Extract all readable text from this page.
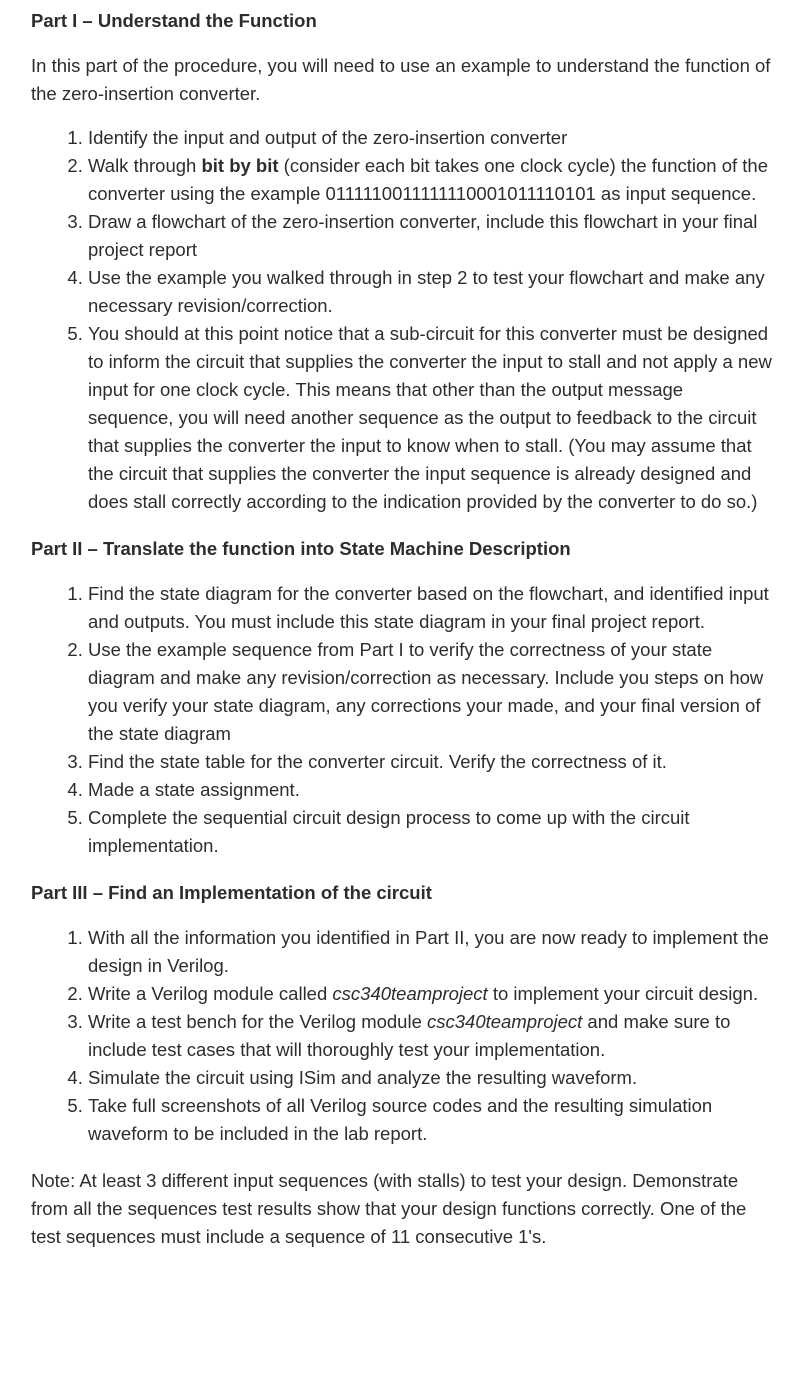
Part I – Understand the Function

In this part of the procedure, you will need to use an example to understand the function of the zero-insertion converter.

1. Identify the input and output of the zero-insertion converter
2. Walk through bit by bit (consider each bit takes one clock cycle) the function of the converter using the example 0111110011111110001011110101 as input sequence.
3. Draw a flowchart of the zero-insertion converter, include this flowchart in your final project report
4. Use the example you walked through in step 2 to test your flowchart and make any necessary revision/correction.
5. You should at this point notice that a sub-circuit for this converter must be designed to inform the circuit that supplies the converter the input to stall and not apply a new input for one clock cycle. This means that other than the output message sequence, you will need another sequence as the output to feedback to the circuit that supplies the converter the input to know when to stall. (You may assume that the circuit that supplies the converter the input sequence is already designed and does stall correctly according to the indication provided by the converter to do so.)
Part II – Translate the function into State Machine Description
1. Find the state diagram for the converter based on the flowchart, and identified input and outputs. You must include this state diagram in your final project report.
2. Use the example sequence from Part I to verify the correctness of your state diagram and make any revision/correction as necessary. Include you steps on how you verify your state diagram, any corrections your made, and your final version of the state diagram
3. Find the state table for the converter circuit. Verify the correctness of it.
4. Made a state assignment.
5. Complete the sequential circuit design process to come up with the circuit implementation.
Part III – Find an Implementation of the circuit
1. With all the information you identified in Part II, you are now ready to implement the design in Verilog.
2. Write a Verilog module called csc340teamproject to implement your circuit design.
3. Write a test bench for the Verilog module csc340teamproject and make sure to include test cases that will thoroughly test your implementation.
4. Simulate the circuit using ISim and analyze the resulting waveform.
5. Take full screenshots of all Verilog source codes and the resulting simulation waveform to be included in the lab report.

Note: At least 3 different input sequences (with stalls) to test your design. Demonstrate from all the sequences test results show that your design functions correctly. One of the test sequences must include a sequence of 11 consecutive 1's.
